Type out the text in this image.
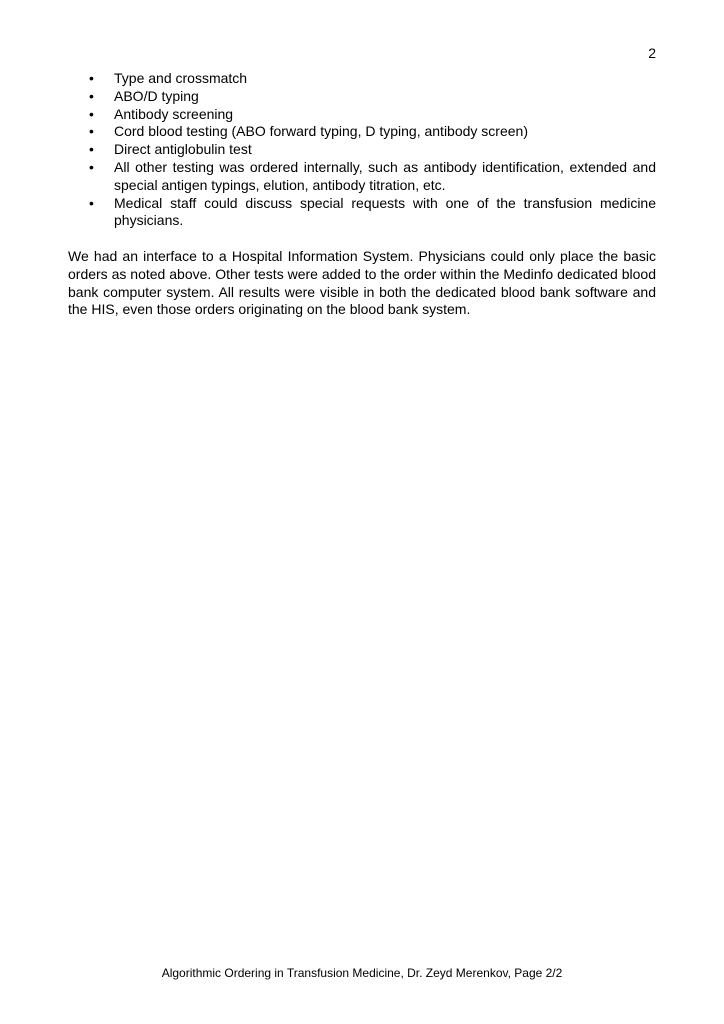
2
• Type and crossmatch
• ABO/D typing
• Antibody screening
• Cord blood testing (ABO forward typing, D typing, antibody screen)
• Direct antiglobulin test
• All other testing was ordered internally, such as antibody identification, extended and special antigen typings, elution, antibody titration, etc.
• Medical staff could discuss special requests with one of the transfusion medicine physicians.

We had an interface to a Hospital Information System. Physicians could only place the basic orders as noted above. Other tests were added to the order within the Medinfo dedicated blood bank computer system. All results were visible in both the dedicated blood bank software and the HIS, even those orders originating on the blood bank system.

Algorithmic Ordering in Transfusion Medicine, Dr. Zeyd Merenkov, Page 2/2
